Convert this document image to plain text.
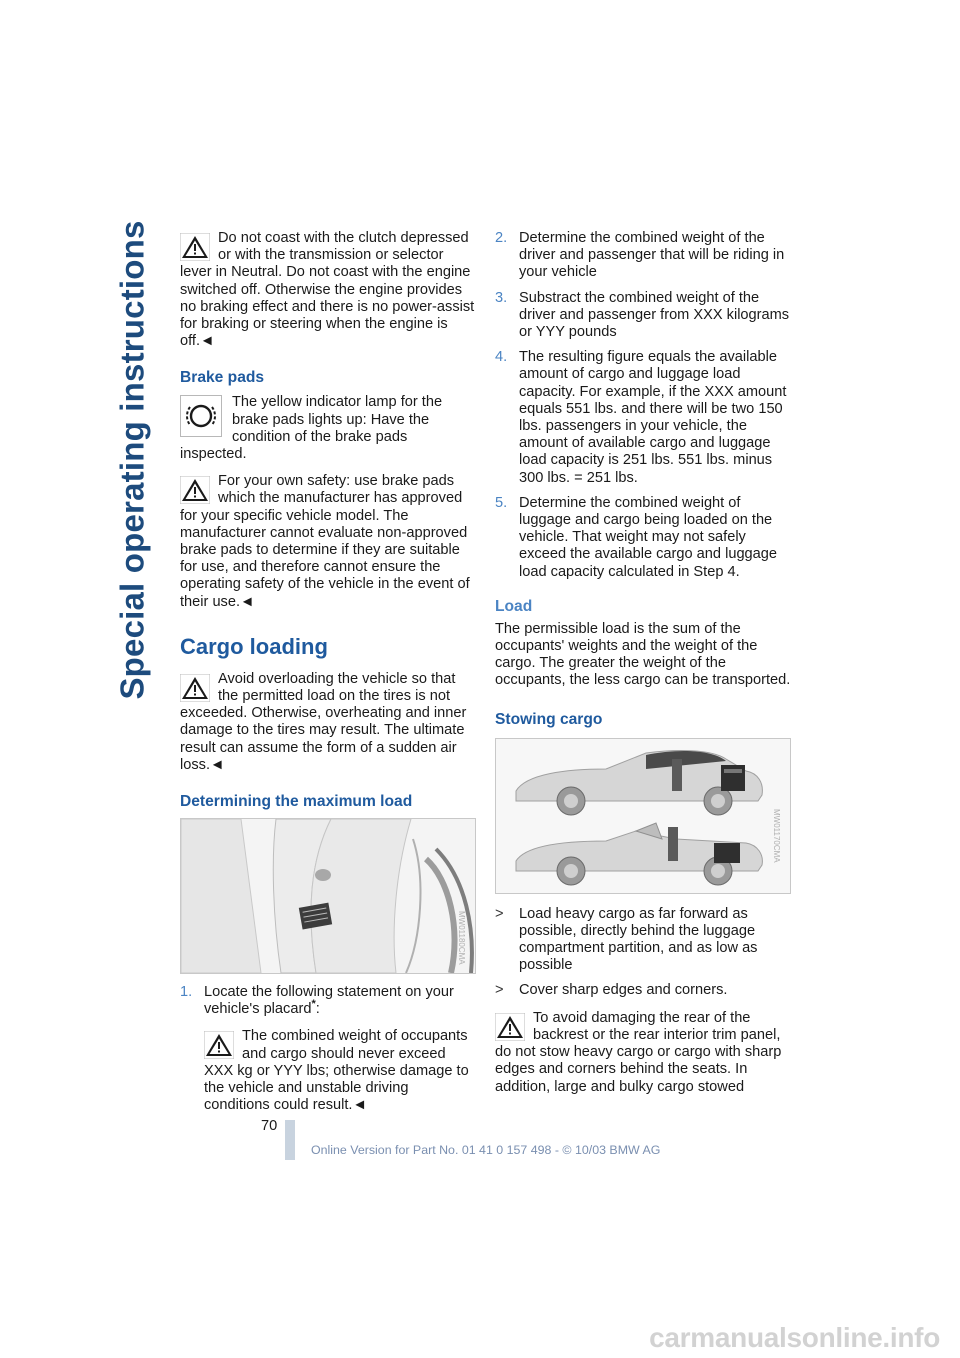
Special operating instructions	Do not coast with the clutch depressed or with the transmission or selector lever in Neutral. Do not coast with the engine switched off. Otherwise the engine provides no braking effect and there is no power-assist for braking or steering when the engine is off.◄
Brake pads
The yellow indicator lamp for the brake pads lights up: Have the condition of the brake pads inspected.
For your own safety: use brake pads which the manufacturer has approved for your specific vehicle model. The manufacturer cannot evaluate non-approved brake pads to determine if they are suitable for use, and therefore cannot ensure the operating safety of the vehicle in the event of their use.◄
Cargo loading
Avoid overloading the vehicle so that the permitted load on the tires is not exceeded. Otherwise, overheating and inner damage to the tires may result. The ultimate result can assume the form of a sudden air loss.◄
Determining the maximum load
MW01180CMA
1. Locate the following statement on your vehicle's placard*:
The combined weight of occupants and cargo should never exceed XXX kg or YYY lbs; otherwise damage to the vehicle and unstable driving conditions could result.◄
2. Determine the combined weight of the driver and passenger that will be riding in your vehicle
3. Substract the combined weight of the driver and passenger from XXX kilograms or YYY pounds
4. The resulting figure equals the available amount of cargo and luggage load capacity. For example, if the XXX amount equals 551 lbs. and there will be two 150 lbs. passengers in your vehicle, the amount of available cargo and luggage load capacity is 251 lbs. 551 lbs. minus 300 lbs. = 251 lbs.
5. Determine the combined weight of luggage and cargo being loaded on the vehicle. That weight may not safely exceed the available cargo and luggage load capacity calculated in Step 4.
Load
The permissible load is the sum of the occupants' weights and the weight of the cargo. The greater the weight of the occupants, the less cargo can be transported.
Stowing cargo
MW01170CMA
> Load heavy cargo as far forward as possible, directly behind the luggage compartment partition, and as low as possible
> Cover sharp edges and corners.
To avoid damaging the rear of the backrest or the rear interior trim panel, do not stow heavy cargo or cargo with sharp edges and corners behind the seats. In addition, large and bulky cargo stowed
70
Online Version for Part No. 01 41 0 157 498 - © 10/03 BMW AG
carmanualsonline.info
